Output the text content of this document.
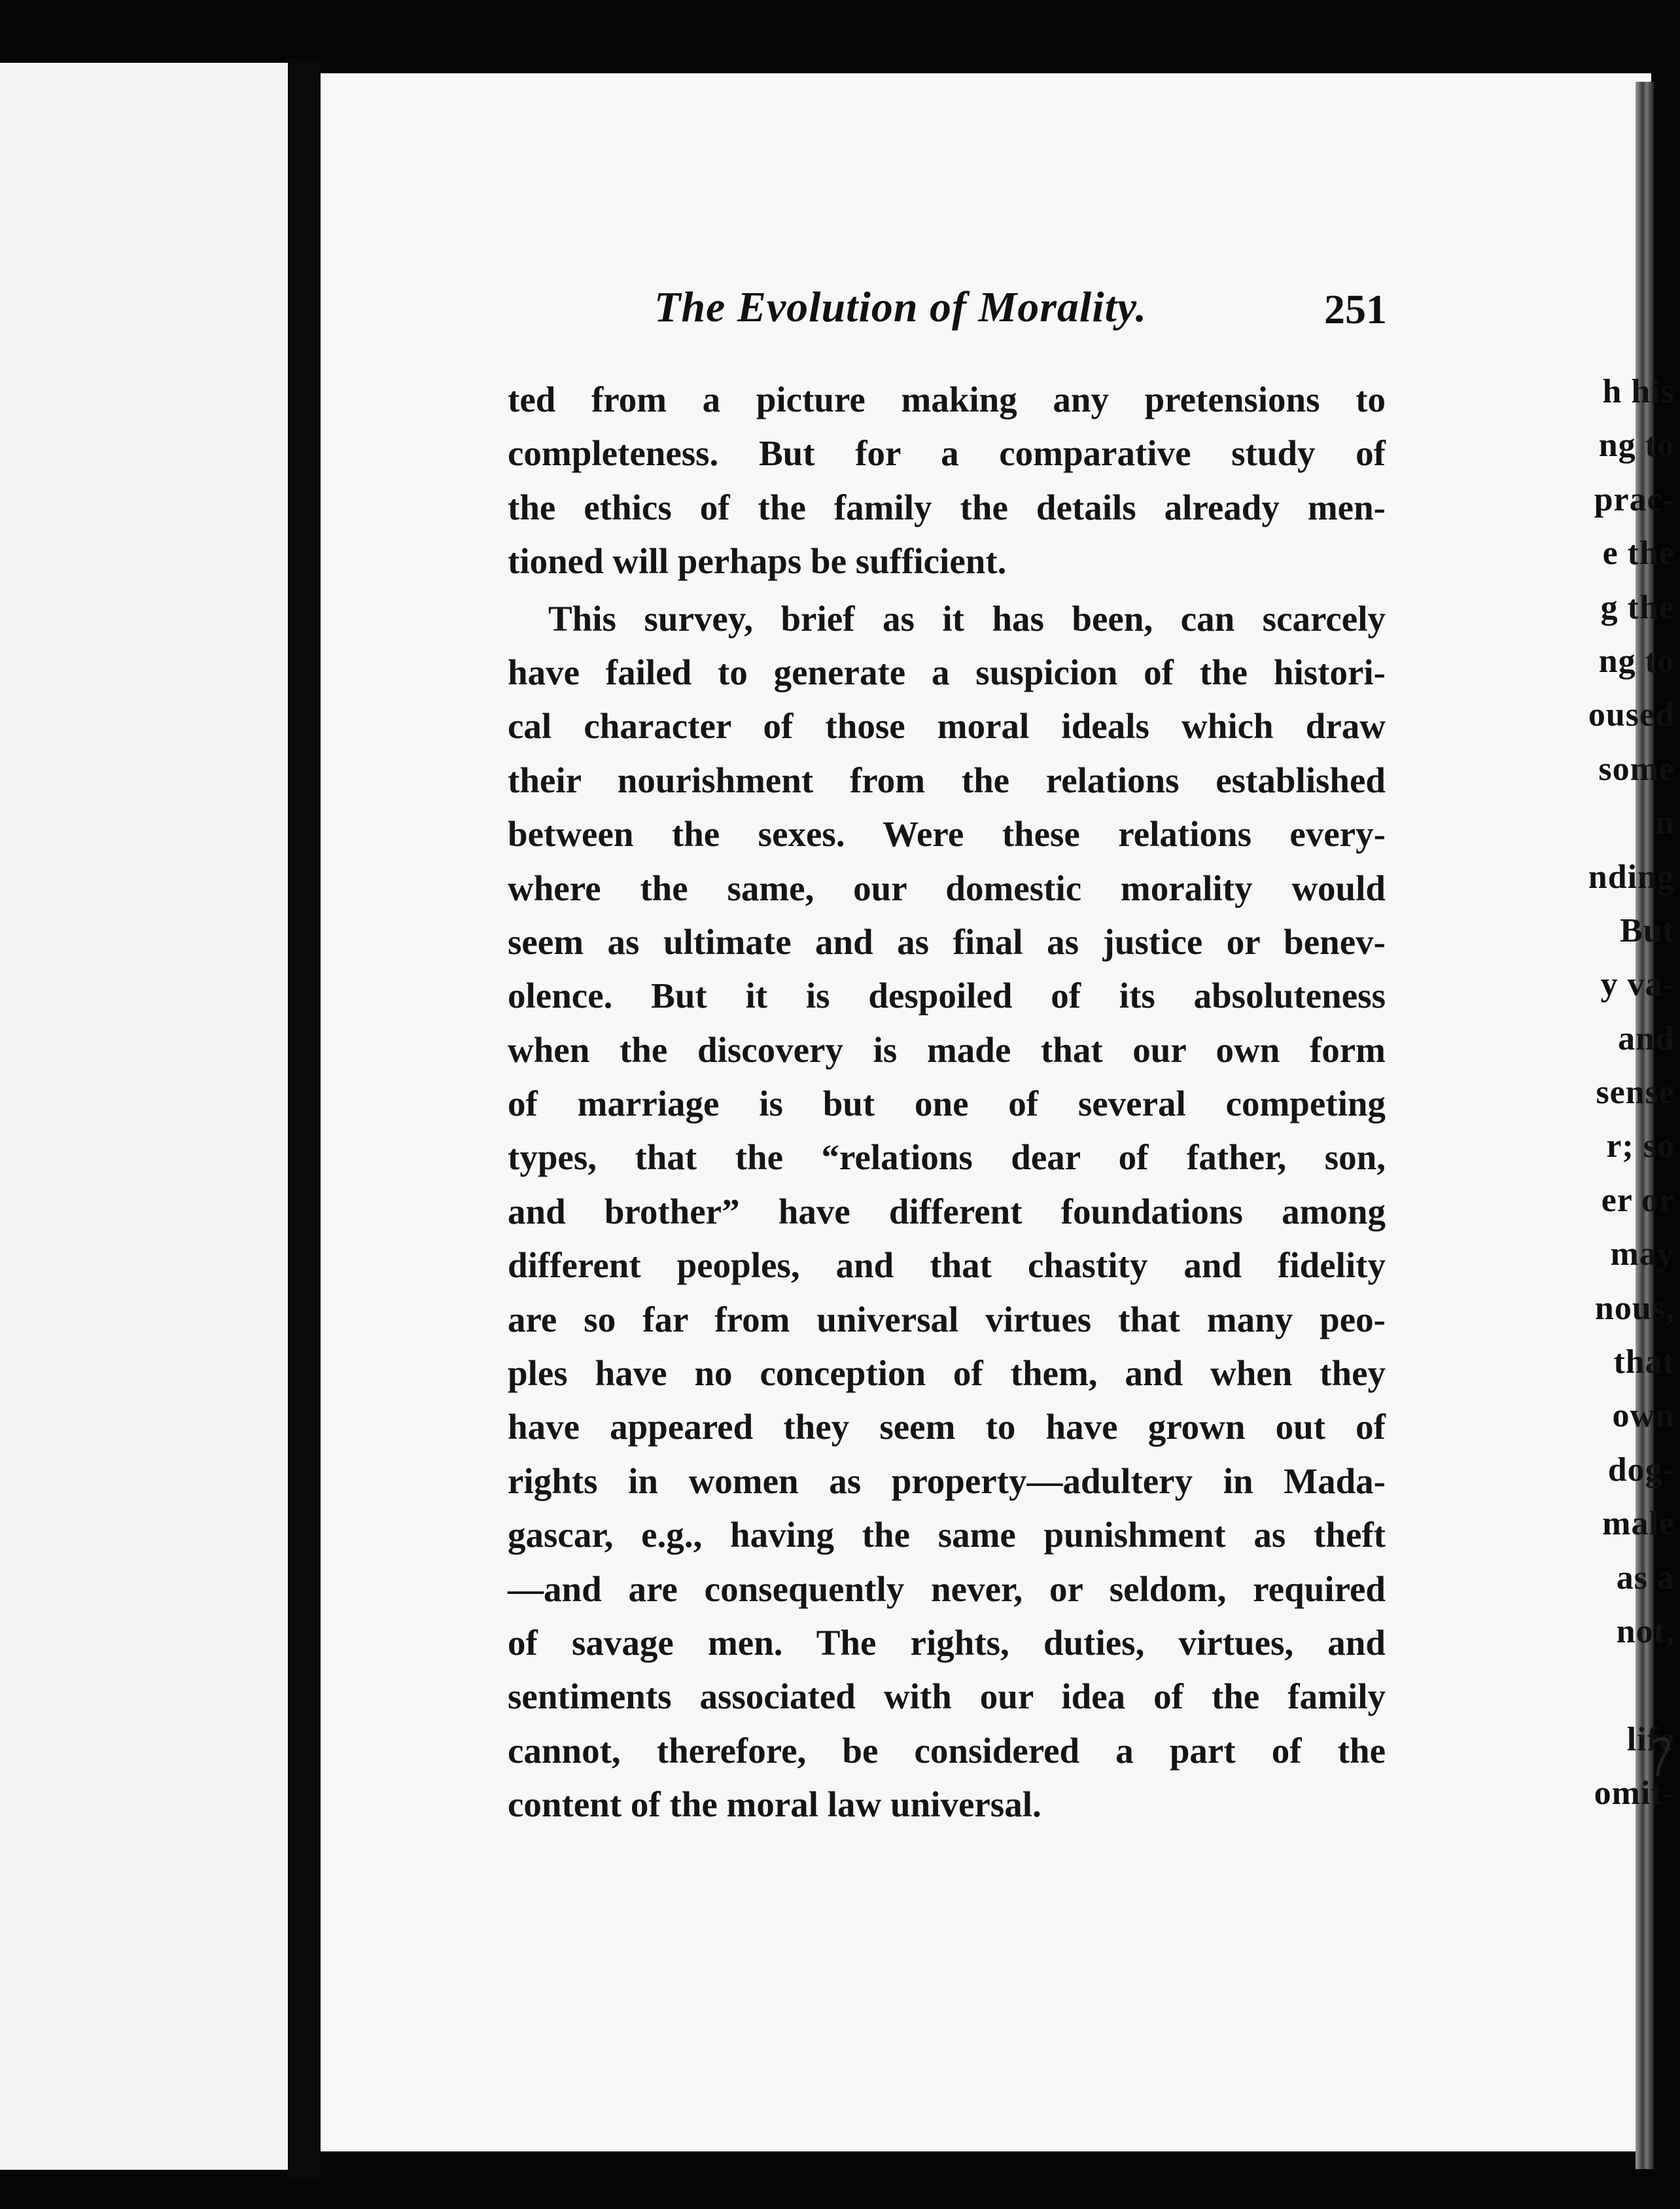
h his
ng to
prac-
e the
g the
ng to
oused
some
n
nding
But
y va-
and
sense
r; so
er or
may
nous,
that
own
dog-
male
as a
not,
life
omit-
The Evolution of Morality.	251
ted from a picture making any pretensions to
completeness. But for a comparative study of
the ethics of the family the details already men-
tioned will perhaps be sufficient.
This survey, brief as it has been, can scarcely
have failed to generate a suspicion of the histori-
cal character of those moral ideals which draw
their nourishment from the relations established
between the sexes. Were these relations every-
where the same, our domestic morality would
seem as ultimate and as final as justice or benev-
olence. But it is despoiled of its absoluteness
when the discovery is made that our own form
of marriage is but one of several competing
types, that the “relations dear of father, son,
and brother” have different foundations among
different peoples, and that chastity and fidelity
are so far from universal virtues that many peo-
ples have no conception of them, and when they
have appeared they seem to have grown out of
rights in women as property—adultery in Mada-
gascar, e.g., having the same punishment as theft
—and are consequently never, or seldom, required
of savage men. The rights, duties, virtues, and
sentiments associated with our idea of the family
cannot, therefore, be considered a part of the
content of the moral law universal.
